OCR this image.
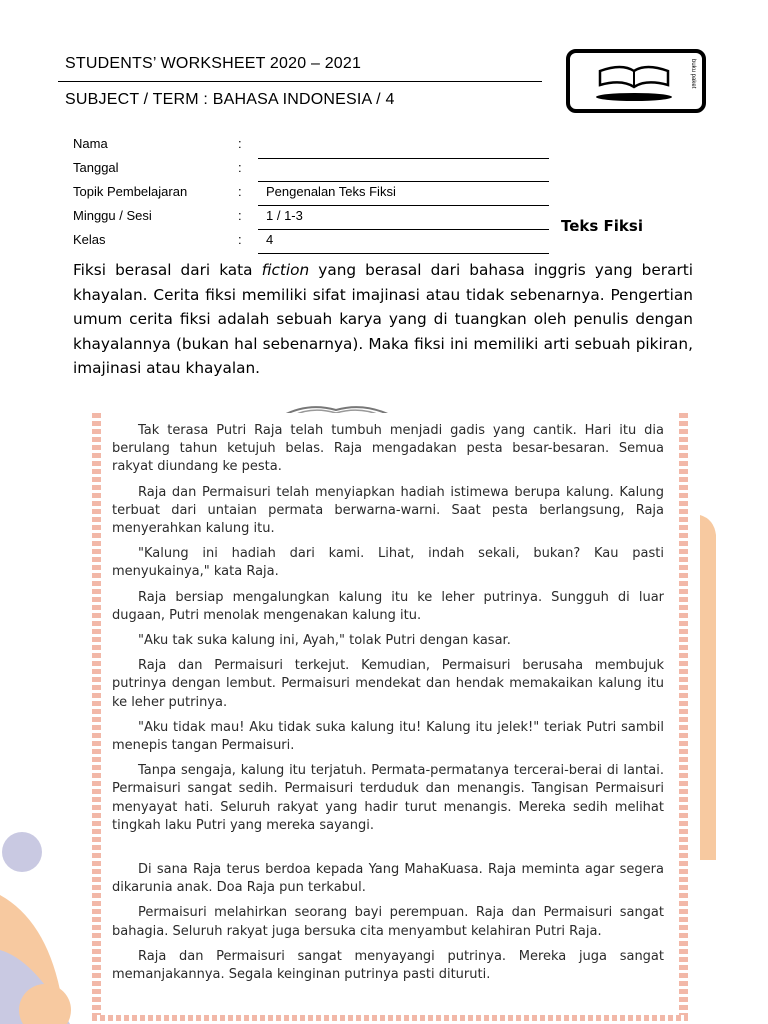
STUDENTS’ WORKSHEET 2020 – 2021
SUBJECT / TERM : BAHASA INDONESIA / 4
buku paket
Nama	:
Tanggal	:
Topik Pembelajaran	: Pengenalan Teks Fiksi
Minggu / Sesi	: 1 / 1-3
Kelas	: 4
Teks Fiksi

Fiksi berasal dari kata fiction yang berasal dari bahasa inggris yang berarti khayalan. Cerita fiksi memiliki sifat imajinasi atau tidak sebenarnya. Pengertian umum cerita fiksi adalah sebuah karya yang di tuangkan oleh penulis dengan khayalannya (bukan hal sebenarnya). Maka fiksi ini memiliki arti sebuah pikiran, imajinasi atau khayalan.

Tak terasa Putri Raja telah tumbuh menjadi gadis yang cantik. Hari itu dia berulang tahun ketujuh belas. Raja mengadakan pesta besar-besaran. Semua rakyat diundang ke pesta.

Raja dan Permaisuri telah menyiapkan hadiah istimewa berupa kalung. Kalung terbuat dari untaian permata berwarna-warni. Saat pesta berlangsung, Raja menyerahkan kalung itu.

"Kalung ini hadiah dari kami. Lihat, indah sekali, bukan? Kau pasti menyukainya," kata Raja.

Raja bersiap mengalungkan kalung itu ke leher putrinya. Sungguh di luar dugaan, Putri menolak mengenakan kalung itu.

"Aku tak suka kalung ini, Ayah," tolak Putri dengan kasar.

Raja dan Permaisuri terkejut. Kemudian, Permaisuri berusaha membujuk putrinya dengan lembut. Permaisuri mendekat dan hendak memakaikan kalung itu ke leher putrinya.

"Aku tidak mau! Aku tidak suka kalung itu! Kalung itu jelek!" teriak Putri sambil menepis tangan Permaisuri.

Tanpa sengaja, kalung itu terjatuh. Permata-permatanya tercerai-berai di lantai. Permaisuri sangat sedih. Permaisuri terduduk dan menangis. Tangisan Permaisuri menyayat hati. Seluruh rakyat yang hadir turut menangis. Mereka sedih melihat tingkah laku Putri yang mereka sayangi.

Di sana Raja terus berdoa kepada Yang MahaKuasa. Raja meminta agar segera dikarunia anak. Doa Raja pun terkabul.

Permaisuri melahirkan seorang bayi perempuan. Raja dan Permaisuri sangat bahagia. Seluruh rakyat juga bersuka cita menyambut kelahiran Putri Raja.

Raja dan Permaisuri sangat menyayangi putrinya. Mereka juga sangat memanjakannya. Segala keinginan putrinya pasti dituruti.
